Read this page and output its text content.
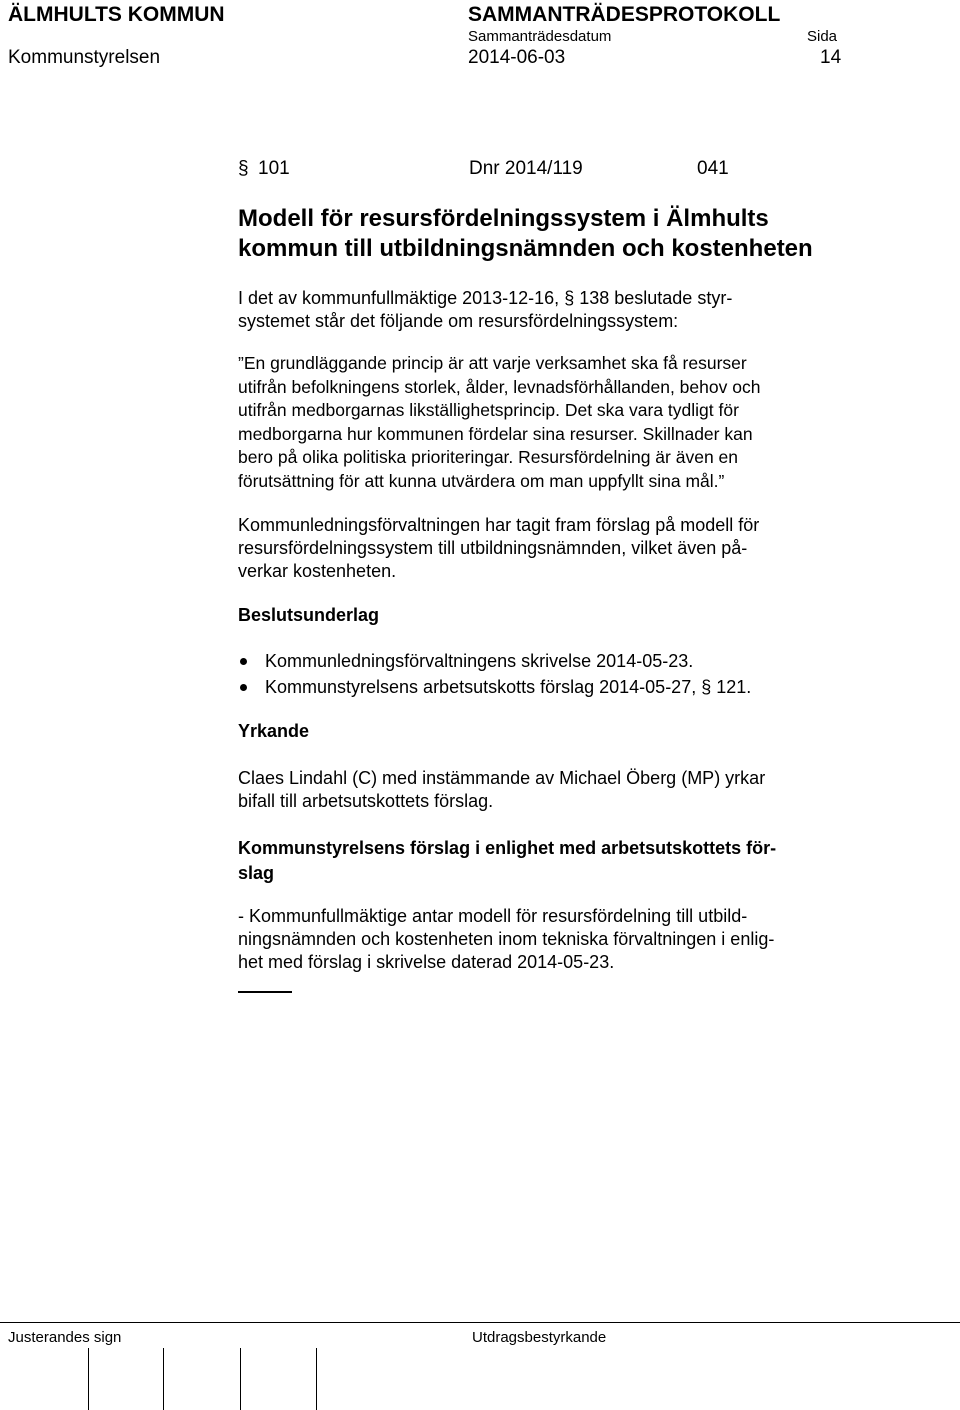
ÄLMHULTS KOMMUN	SAMMANTRÄDESPROTOKOLL
Kommunstyrelsen
Sammanträdesdatum
2014-06-03
Sida
14
§ 101	Dnr 2014/119	041
Modell för resursfördelningssystem i Älmhults
kommun till utbildningsnämnden och kostenheten
I det av kommunfullmäktige 2013-12-16, § 138 beslutade styr-
systemet står det följande om resursfördelningssystem:
”En grundläggande princip är att varje verksamhet ska få resurser
utifrån befolkningens storlek, ålder, levnadsförhållanden, behov och
utifrån medborgarnas likställighetsprincip. Det ska vara tydligt för
medborgarna hur kommunen fördelar sina resurser. Skillnader kan
bero på olika politiska prioriteringar. Resursfördelning är även en
förutsättning för att kunna utvärdera om man uppfyllt sina mål.”
Kommunledningsförvaltningen har tagit fram förslag på modell för
resursfördelningssystem till utbildningsnämnden, vilket även på-
verkar kostenheten.
Beslutsunderlag
Kommunledningsförvaltningens skrivelse 2014-05-23.
Kommunstyrelsens arbetsutskotts förslag 2014-05-27, § 121.
Yrkande
Claes Lindahl (C) med instämmande av Michael Öberg (MP) yrkar
bifall till arbetsutskottets förslag.
Kommunstyrelsens förslag i enlighet med arbetsutskottets för-
slag
- Kommunfullmäktige antar modell för resursfördelning till utbild-
ningsnämnden och kostenheten inom tekniska förvaltningen i enlig-
het med förslag i skrivelse daterad 2014-05-23.
Justerandes sign	Utdragsbestyrkande
